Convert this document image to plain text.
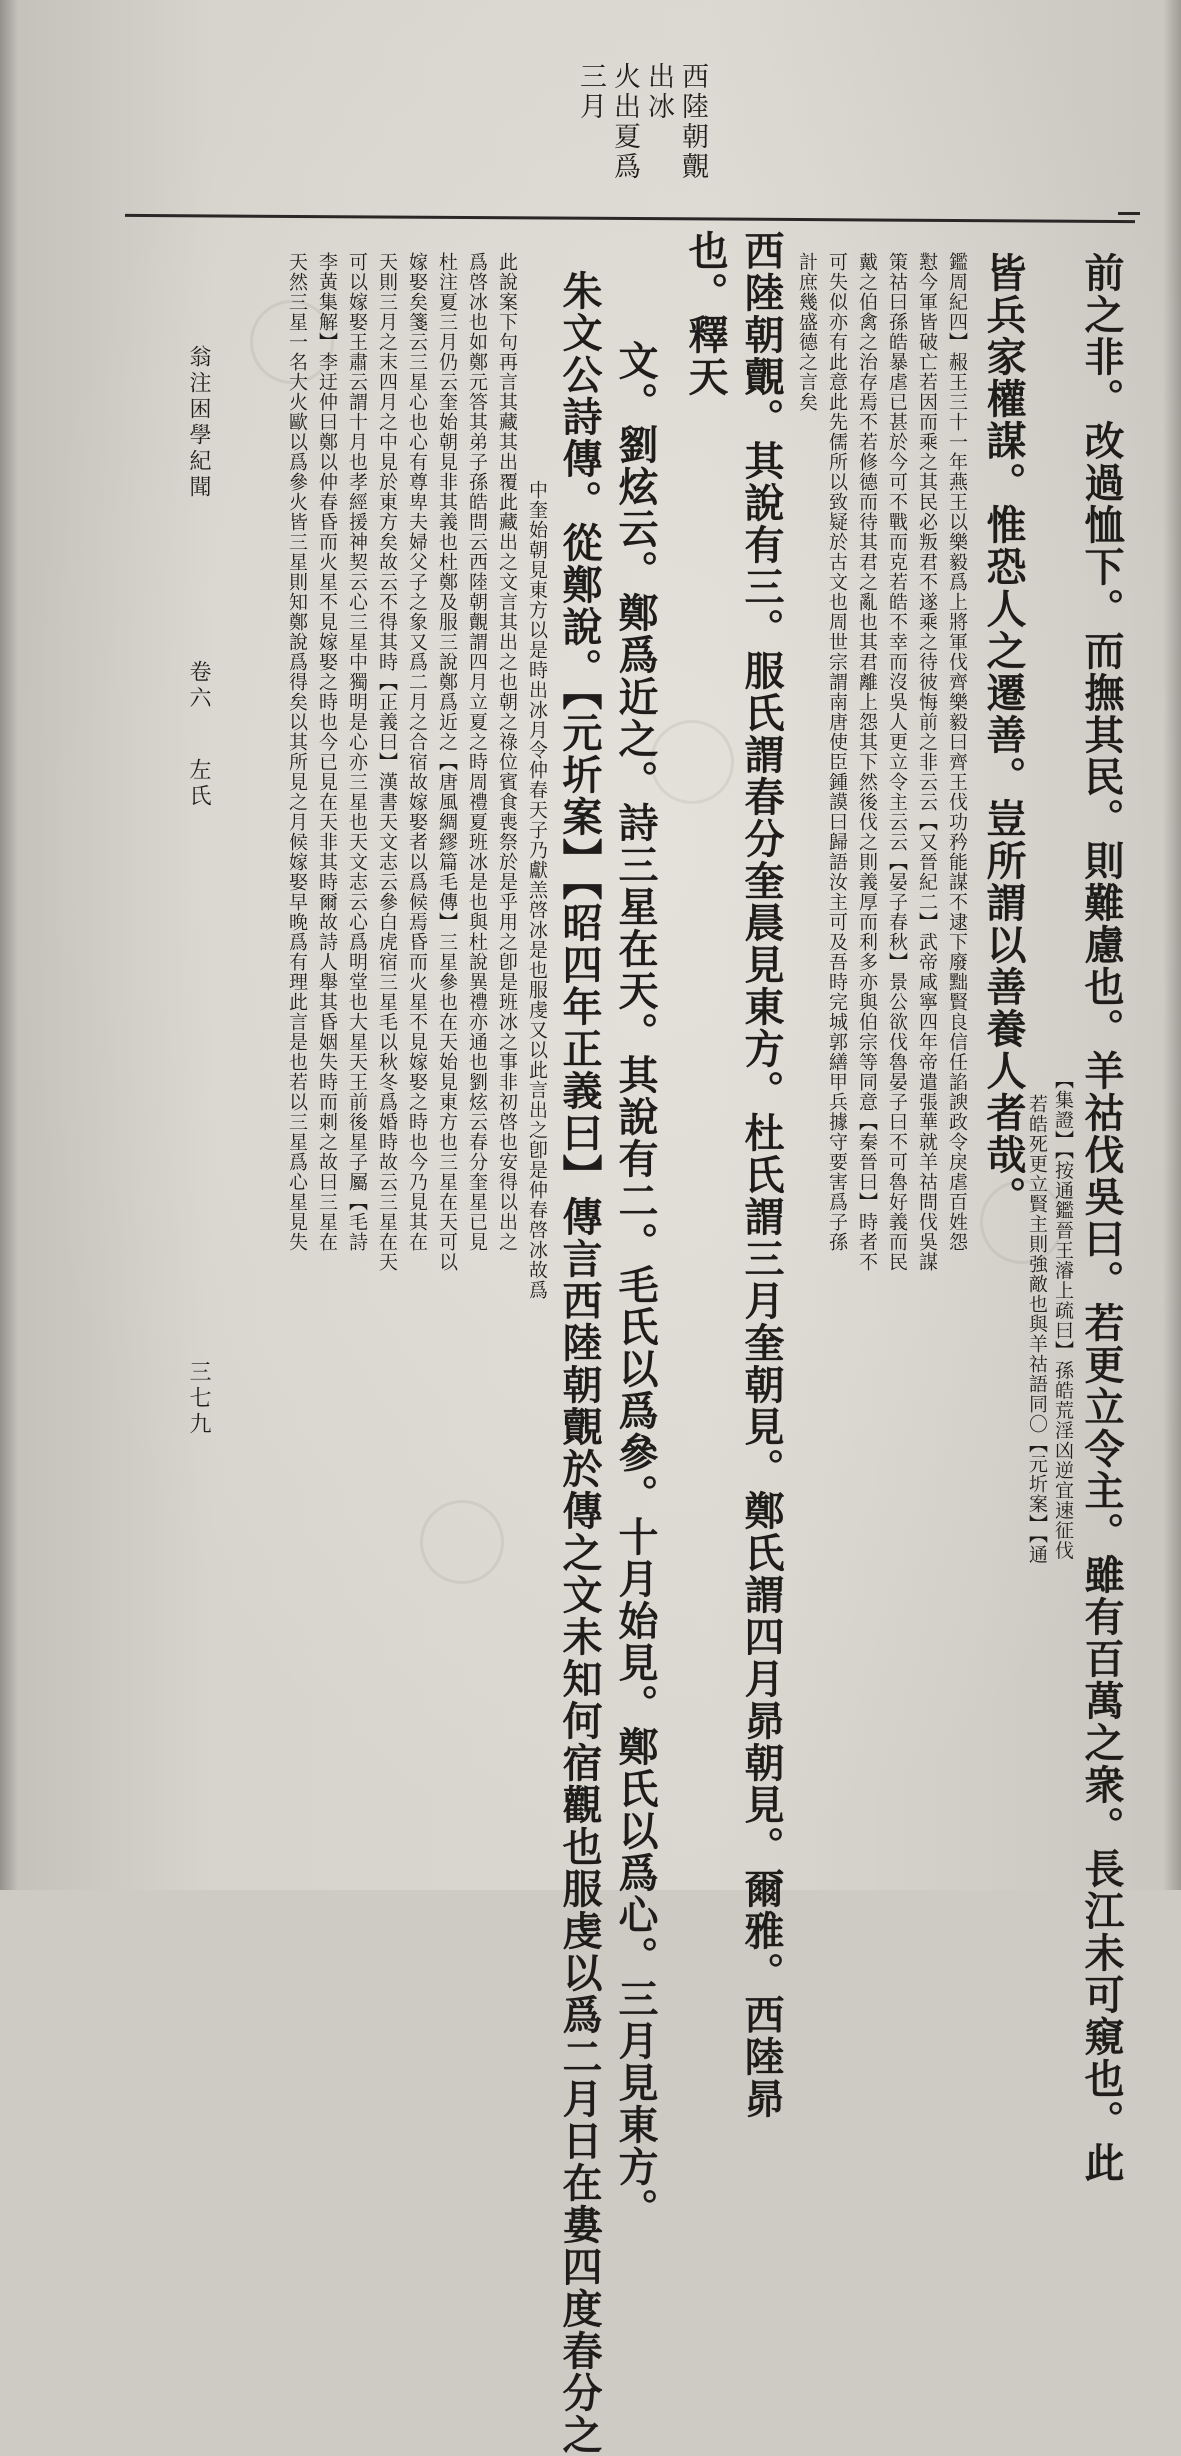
西陸朝覿
出冰
火出夏爲
三月
前之非。改過恤下。而撫其民。則難慮也。羊祜伐吳曰。若更立令主。雖有百萬之衆。長江未可窺也。此
【集證】【按通鑑晉王濬上疏曰】孫皓荒淫凶逆宜速征伐
若皓死更立賢主則強敵也與羊祜語同〇【元圻案】【通
皆兵家權謀。惟恐人之遷善。豈所謂以善養人者哉。
鑑周紀四】赧王三十一年燕王以樂毅爲上將軍伐齊樂毅曰齊王伐功矜能謀不逮下廢黜賢良信任諂諛政令戾虐百姓怨
懟今軍皆破亡若因而乘之其民必叛君不遂乘之待彼悔前之非云云【又晉紀二】武帝咸寧四年帝遣張華就羊祜問伐吳謀
策祜曰孫皓暴虐已甚於今可不戰而克若皓不幸而沒吳人更立令主云云【晏子春秋】景公欲伐魯晏子曰不可魯好義而民
戴之伯禽之治存焉不若修德而待其君之亂也其君離上怨其下然後伐之則義厚而利多亦與伯宗等同意【秦晉曰】時者不
可失似亦有此意此先儒所以致疑於古文也周世宗謂南唐使臣鍾謨曰歸語汝主可及吾時完城郭繕甲兵據守要害爲子孫
計庶幾盛德之言矣
西陸朝覿。其說有三。服氏謂春分奎晨見東方。杜氏謂三月奎朝見。鄭氏謂四月昴朝見。爾雅。西陸昴
也。釋天
文。劉炫云。鄭爲近之。詩三星在天。其說有二。毛氏以爲參。十月始見。鄭氏以爲心。三月見東方。
朱文公詩傳。從鄭說。【元圻案】【昭四年正義曰】傳言西陸朝覿於傳之文未知何宿觀也服虔以爲二月日在婁四度春分之
中奎始朝見東方以是時出冰月令仲春天子乃獻羔啓冰是也服虔又以此言出之卽是仲春啓冰故爲
此說案下句再言其藏其出覆此藏出之文言其出之也朝之祿位賓食喪祭於是乎用之卽是班冰之事非初啓也安得以出之
爲啓冰也如鄭元答其弟子孫皓問云西陸朝覿謂四月立夏之時周禮夏班冰是也與杜說異禮亦通也劉炫云春分奎星已見
杜注夏三月仍云奎始朝見非其義也杜鄭及服三說鄭爲近之【唐風綢繆篇毛傳】三星參也在天始見東方也三星在天可以
嫁娶矣箋云三星心也心有尊卑夫婦父子之象又爲二月之合宿故嫁娶者以爲候焉昏而火星不見嫁娶之時也今乃見其在
天則三月之末四月之中見於東方矣故云不得其時【正義曰】漢書天文志云參白虎宿三星毛以秋冬爲婚時故云三星在天
可以嫁娶王肅云謂十月也孝經援神契云心三星中獨明是心亦三星也天文志云心爲明堂也大星天王前後星子屬【毛詩
李黃集解】李迂仲曰鄭以仲春昏而火星不見嫁娶之時也今已見在天非其時爾故詩人舉其昏姻失時而刺之故曰三星在
天然三星一名大火歐以爲參火皆三星則知鄭說爲得矣以其所見之月候嫁娶早晚爲有理此言是也若以三星爲心星見失
翁注困學紀聞
卷六
左氏
三七九
